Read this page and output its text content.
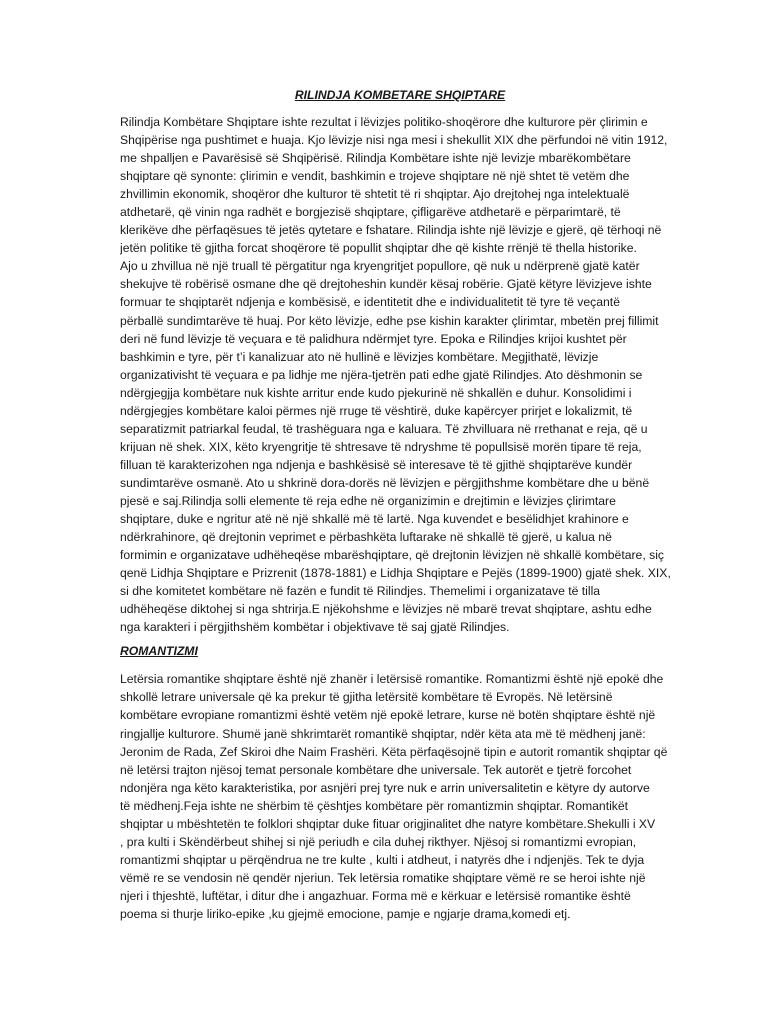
RILINDJA KOMBETARE SHQIPTARE

Rilindja Kombëtare Shqiptare ishte rezultat i lëvizjes politiko-shoqërore dhe kulturore për çlirimin e
Shqipërise nga pushtimet e huaja. Kjo lëvizje nisi nga mesi i shekullit XIX dhe përfundoi në vitin 1912,
me shpalljen e Pavarësisë së Shqipërisë. Rilindja Kombëtare ishte një levizje mbarëkombëtare
shqiptare që synonte: çlirimin e vendit, bashkimin e trojeve shqiptare në një shtet të vetëm dhe
zhvillimin ekonomik, shoqëror dhe kulturor të shtetit të ri shqiptar. Ajo drejtohej nga intelektualë
atdhetarë, që vinin nga radhët e borgjezisë shqiptare, çifligarëve atdhetarë e përparimtarë, të
klerikëve dhe përfaqësues të jetës qytetare e fshatare. Rilindja ishte një lëvizje e gjerë, që tërhoqi në
jetën politike të gjitha forcat shoqërore të popullit shqiptar dhe që kishte rrënjë të thella historike.
Ajo u zhvillua në një truall të përgatitur nga kryengritjet popullore, që nuk u ndërprenë gjatë katër
shekujve të robërisë osmane dhe që drejtoheshin kundër kësaj robërie. Gjatë këtyre lëvizjeve ishte
formuar te shqiptarët ndjenja e kombësisë, e identitetit dhe e individualitetit të tyre të veçantë
përballë sundimtarëve të huaj. Por këto lëvizje, edhe pse kishin karakter çlirimtar, mbetën prej fillimit
deri në fund lëvizje të veçuara e të palidhura ndërmjet tyre. Epoka e Rilindjes krijoi kushtet për
bashkimin e tyre, për t’i kanalizuar ato në hullinë e lëvizjes kombëtare. Megjithatë, lëvizje
organizativisht të veçuara e pa lidhje me njëra-tjetrën pati edhe gjatë Rilindjes. Ato dëshmonin se
ndërgjegjja kombëtare nuk kishte arritur ende kudo pjekurinë në shkallën e duhur. Konsolidimi i
ndërgjegjes kombëtare kaloi përmes një rruge të vështirë, duke kapërcyer prirjet e lokalizmit, të
separatizmit patriarkal feudal, të trashëguara nga e kaluara. Të zhvilluara në rrethanat e reja, që u
krijuan në shek. XIX, këto kryengritje të shtresave të ndryshme të popullsisë morën tipare të reja,
filluan të karakterizohen nga ndjenja e bashkësisë së interesave të të gjithë shqiptarëve kundër
sundimtarëve osmanë. Ato u shkrinë dora-dorës në lëvizjen e përgjithshme kombëtare dhe u bënë
pjesë e saj.Rilindja solli elemente të reja edhe në organizimin e drejtimin e lëvizjes çlirimtare
shqiptare, duke e ngritur atë në një shkallë më të lartë. Nga kuvendet e besëlidhjet krahinore e
ndërkrahinore, që drejtonin veprimet e përbashkëta luftarake në shkallë të gjerë, u kalua në
formimin e organizatave udhëheqëse mbarëshqiptare, që drejtonin lëvizjen në shkallë kombëtare, siç
qenë Lidhja Shqiptare e Prizrenit (1878-1881) e Lidhja Shqiptare e Pejës (1899-1900) gjatë shek. XIX,
si dhe komitetet kombëtare në fazën e fundit të Rilindjes. Themelimi i organizatave të tilla
udhëheqëse diktohej si nga shtrirja.E njëkohshme e lëvizjes në mbarë trevat shqiptare, ashtu edhe
nga karakteri i përgjithshëm kombëtar i objektivave të saj gjatë Rilindjes.

ROMANTIZMI

Letërsia romantike shqiptare është një zhanër i letërsisë romantike. Romantizmi është një epokë dhe
shkollë letrare universale që ka prekur të gjitha letërsitë kombëtare të Evropës. Në letërsinë
kombëtare evropiane romantizmi është vetëm një epokë letrare, kurse në botën shqiptare është një
ringjallje kulturore. Shumë janë shkrimtarët romantikë shqiptar, ndër këta ata më të mëdhenj janë:
Jeronim de Rada, Zef Skiroi dhe Naim Frashëri. Këta përfaqësojnë tipin e autorit romantik shqiptar që
në letërsi trajton njësoj temat personale kombëtare dhe universale. Tek autorët e tjetrë forcohet
ndonjëra nga këto karakteristika, por asnjëri prej tyre nuk e arrin universalitetin e këtyre dy autorve
të mëdhenj.Feja ishte ne shërbim të çështjes kombëtare për romantizmin shqiptar. Romantikët
shqiptar u mbështetën te folklori shqiptar duke fituar origjinalitet dhe natyre kombëtare.Shekulli i XV
, pra kulti i Skëndërbeut shihej si një periudh e cila duhej rikthyer. Njësoj si romantizmi evropian,
romantizmi shqiptar u përqëndrua ne tre kulte , kulti i atdheut, i natyrës dhe i ndjenjës. Tek te dyja
vëmë re se vendosin në qendër njeriun. Tek letërsia romatike shqiptare vëmë re se heroi ishte një
njeri i thjeshtë, luftëtar, i ditur dhe i angazhuar. Forma më e kërkuar e letërsisë romantike është
poema si thurje liriko-epike ,ku gjejmë emocione, pamje e ngjarje drama,komedi etj.
